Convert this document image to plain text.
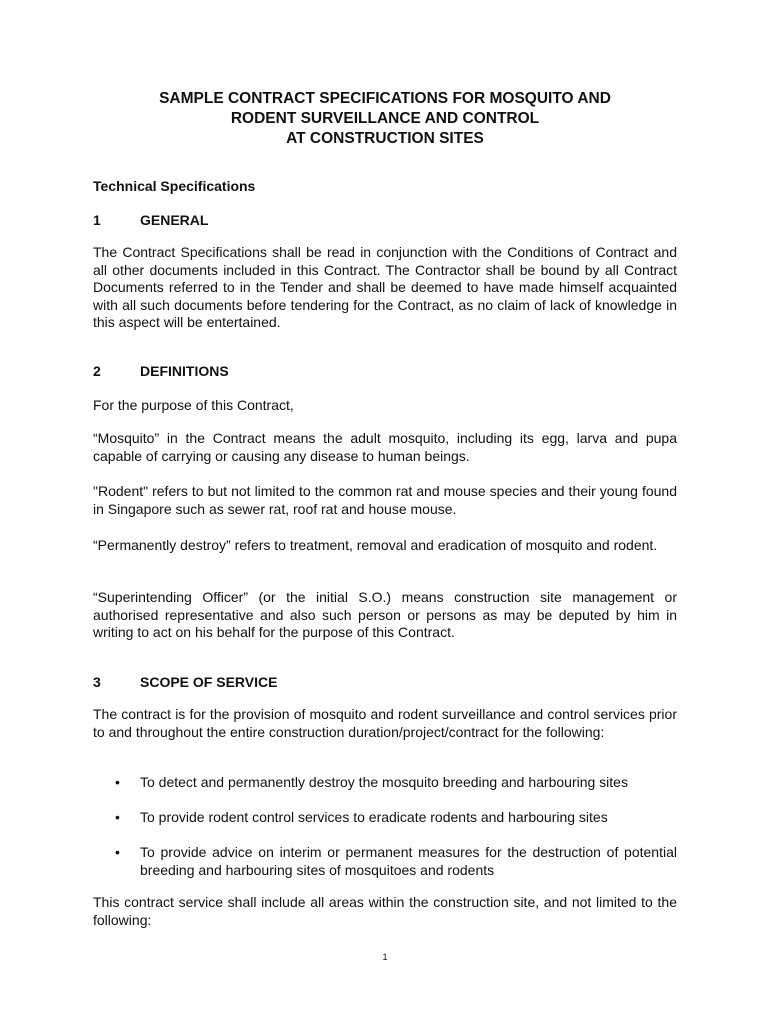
SAMPLE CONTRACT SPECIFICATIONS FOR MOSQUITO AND
RODENT SURVEILLANCE AND CONTROL
AT CONSTRUCTION SITES
Technical Specifications
1	GENERAL
The Contract Specifications shall be read in conjunction with the Conditions of Contract and all other documents included in this Contract. The Contractor shall be bound by all Contract Documents referred to in the Tender and shall be deemed to have made himself acquainted with all such documents before tendering for the Contract, as no claim of lack of knowledge in this aspect will be entertained.
2	DEFINITIONS
For the purpose of this Contract,
“Mosquito” in the Contract means the adult mosquito, including its egg, larva and pupa capable of carrying or causing any disease to human beings.
"Rodent" refers to but not limited to the common rat and mouse species and their young found in Singapore such as sewer rat, roof rat and house mouse.
“Permanently destroy” refers to treatment, removal and eradication of mosquito and rodent.
“Superintending Officer” (or the initial S.O.) means construction site management or authorised representative and also such person or persons as may be deputed by him in writing to act on his behalf for the purpose of this Contract.
3	SCOPE OF SERVICE
The contract is for the provision of mosquito and rodent surveillance and control services prior to and throughout the entire construction duration/project/contract for the following:
• To detect and permanently destroy the mosquito breeding and harbouring sites
• To provide rodent control services to eradicate rodents and harbouring sites
• To provide advice on interim or permanent measures for the destruction of potential breeding and harbouring sites of mosquitoes and rodents
This contract service shall include all areas within the construction site, and not limited to the following:
1
